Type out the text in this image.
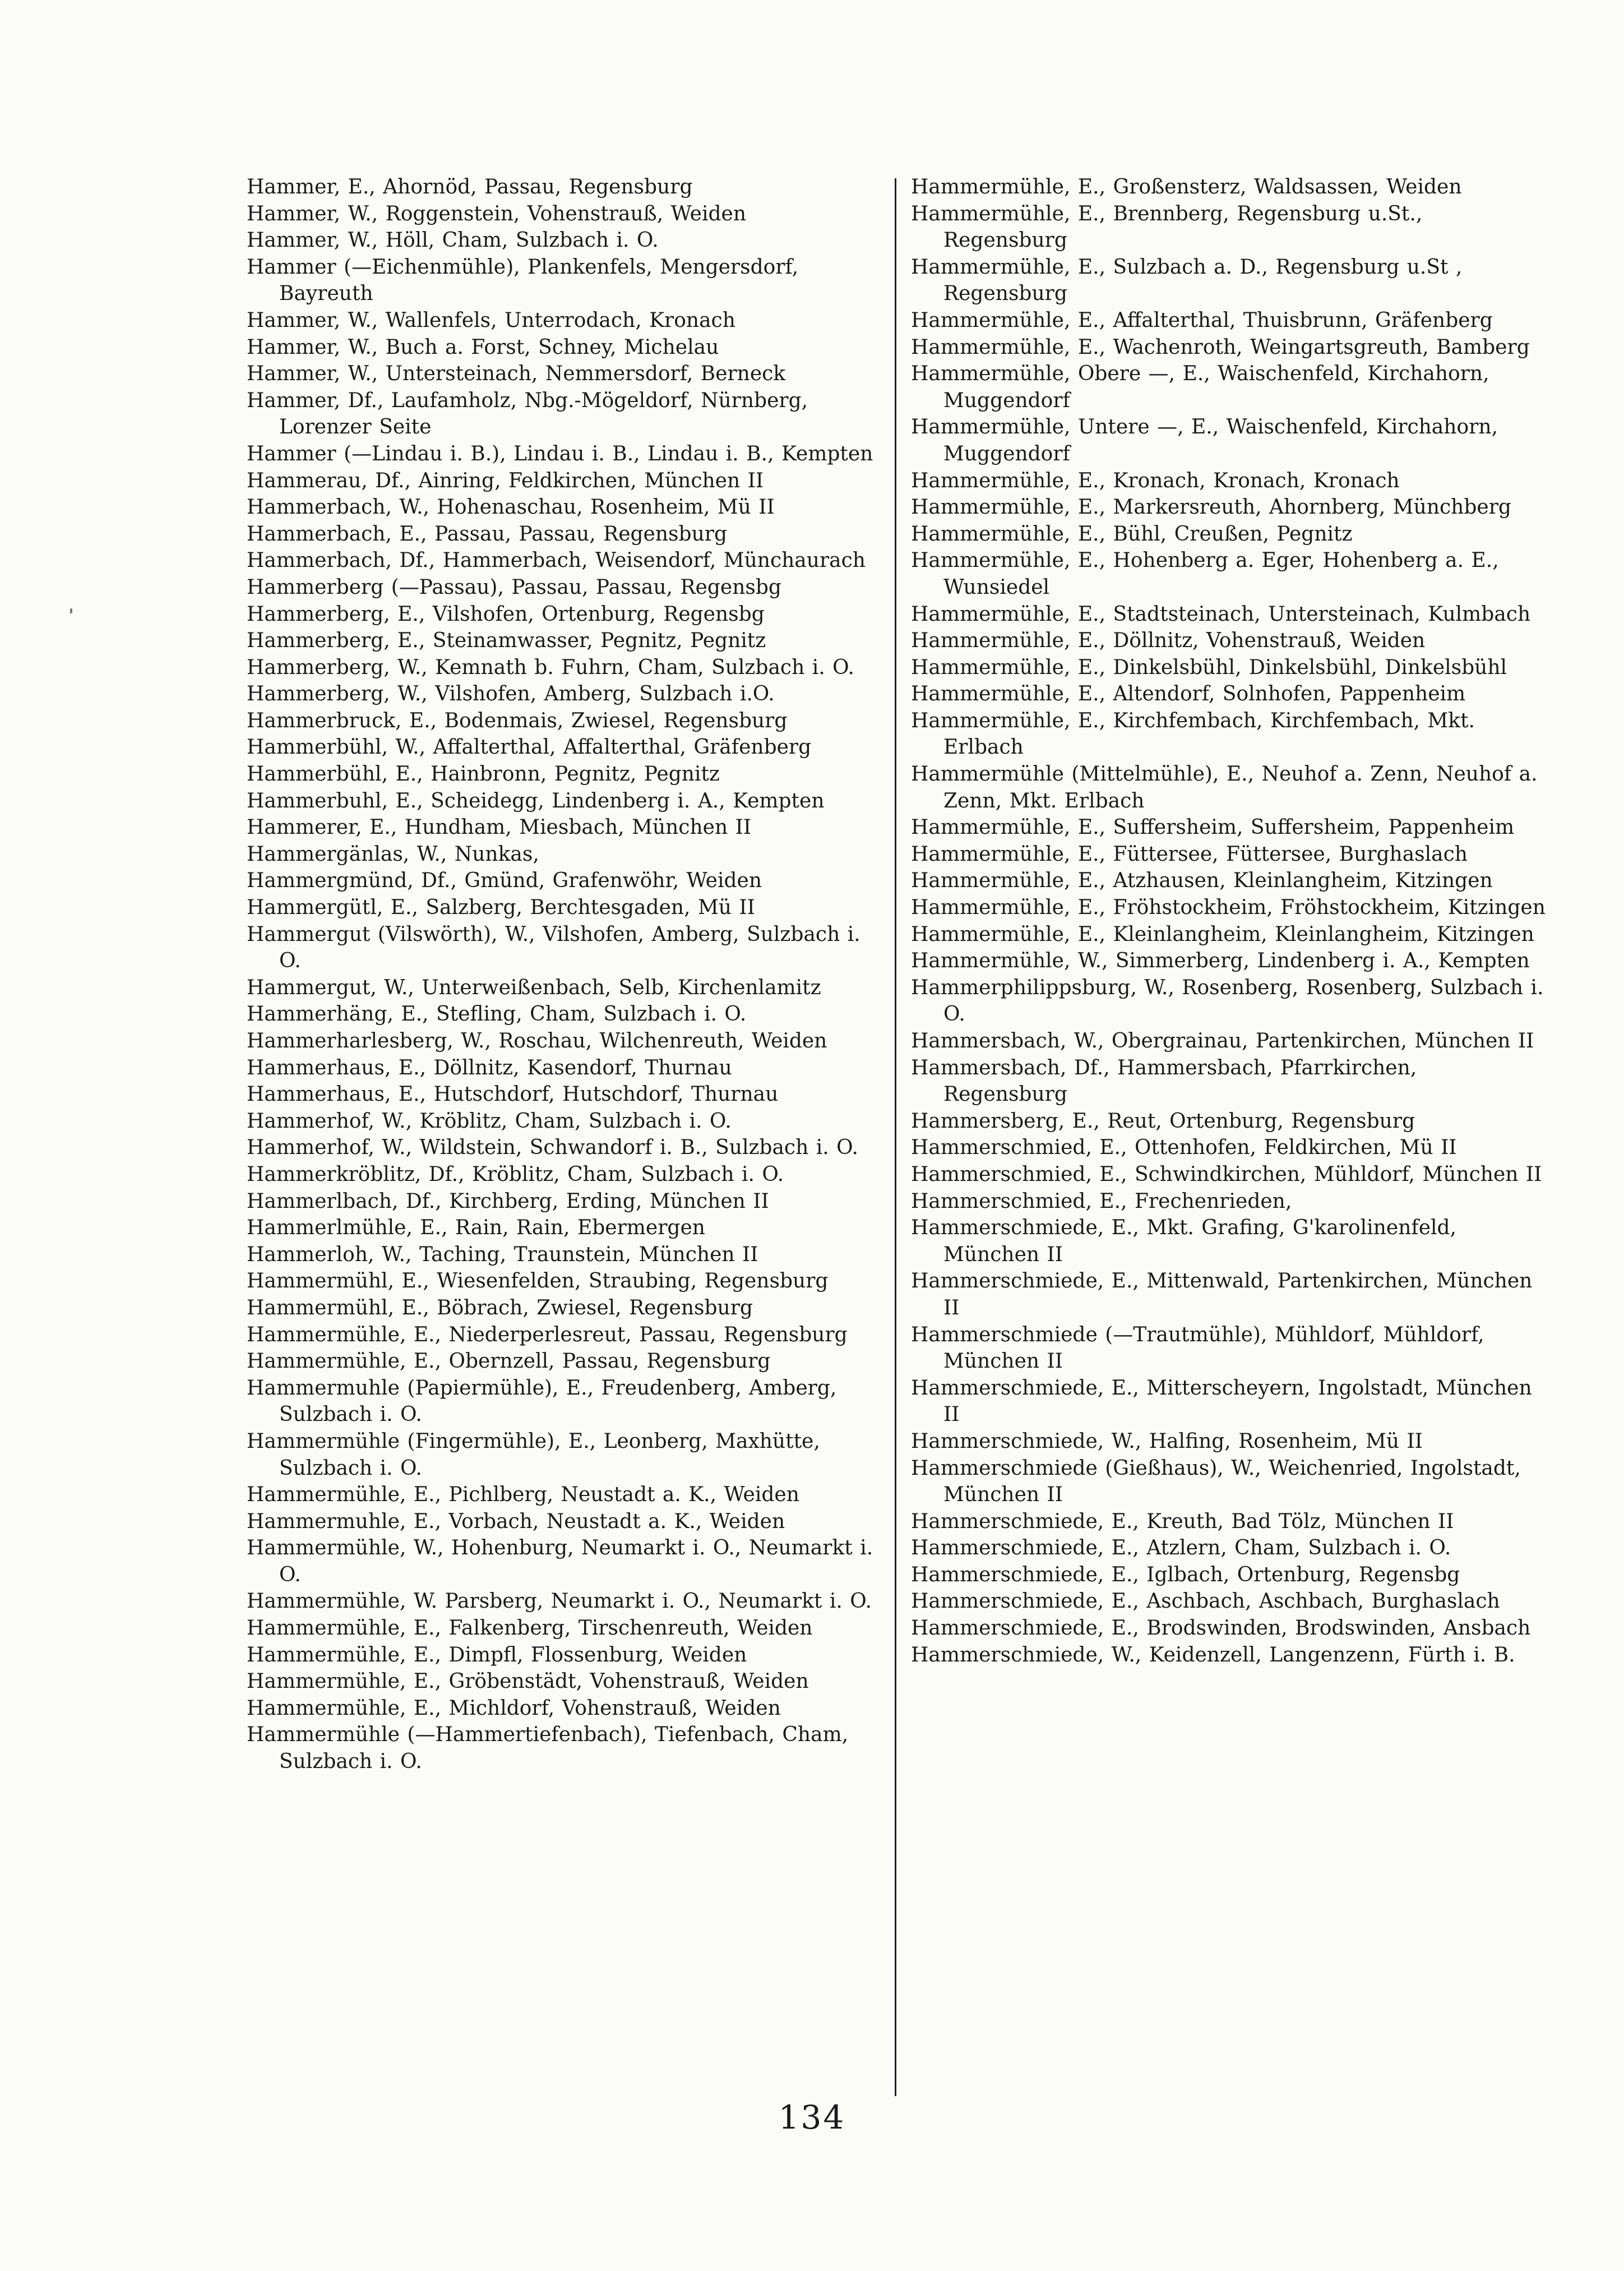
Hammer, E., Ahornöd, Passau, Regensburg
Hammer, W., Roggenstein, Vohenstrauß, Weiden
Hammer, W., Höll, Cham, Sulzbach i. O.
Hammer (—Eichenmühle), Plankenfels, Mengersdorf, Bayreuth
Hammer, W., Wallenfels, Unterrodach, Kronach
Hammer, W., Buch a. Forst, Schney, Michelau
Hammer, W., Untersteinach, Nemmersdorf, Berneck
Hammer, Df., Laufamholz, Nbg.-Mögeldorf, Nürnberg, Lorenzer Seite
Hammer (—Lindau i. B.), Lindau i. B., Lindau i. B., Kempten
Hammerau, Df., Ainring, Feldkirchen, München II
Hammerbach, W., Hohenaschau, Rosenheim, Mü II
Hammerbach, E., Passau, Passau, Regensburg
Hammerbach, Df., Hammerbach, Weisendorf, Münchaurach
Hammerberg (—Passau), Passau, Passau, Regensbg
Hammerberg, E., Vilshofen, Ortenburg, Regensbg
Hammerberg, E., Steinamwasser, Pegnitz, Pegnitz
Hammerberg, W., Kemnath b. Fuhrn, Cham, Sulzbach i. O.
Hammerberg, W., Vilshofen, Amberg, Sulzbach i.O.
Hammerbruck, E., Bodenmais, Zwiesel, Regensburg
Hammerbühl, W., Affalterthal, Affalterthal, Gräfenberg
Hammerbühl, E., Hainbronn, Pegnitz, Pegnitz
Hammerbuhl, E., Scheidegg, Lindenberg i. A., Kempten
Hammerer, E., Hundham, Miesbach, München II
Hammergänlas, W., Nunkas,
Hammergmünd, Df., Gmünd, Grafenwöhr, Weiden
Hammergütl, E., Salzberg, Berchtesgaden, Mü II
Hammergut (Vilswörth), W., Vilshofen, Amberg, Sulzbach i. O.
Hammergut, W., Unterweißenbach, Selb, Kirchenlamitz
Hammerhäng, E., Stefling, Cham, Sulzbach i. O.
Hammerharlesberg, W., Roschau, Wilchenreuth, Weiden
Hammerhaus, E., Döllnitz, Kasendorf, Thurnau
Hammerhaus, E., Hutschdorf, Hutschdorf, Thurnau
Hammerhof, W., Kröblitz, Cham, Sulzbach i. O.
Hammerhof, W., Wildstein, Schwandorf i. B., Sulzbach i. O.
Hammerkröblitz, Df., Kröblitz, Cham, Sulzbach i. O.
Hammerlbach, Df., Kirchberg, Erding, München II
Hammerlmühle, E., Rain, Rain, Ebermergen
Hammerloh, W., Taching, Traunstein, München II
Hammermühl, E., Wiesenfelden, Straubing, Regensburg
Hammermühl, E., Böbrach, Zwiesel, Regensburg
Hammermühle, E., Niederperlesreut, Passau, Regensburg
Hammermühle, E., Obernzell, Passau, Regensburg
Hammermuhle (Papiermühle), E., Freudenberg, Amberg, Sulzbach i. O.
Hammermühle (Fingermühle), E., Leonberg, Maxhütte, Sulzbach i. O.
Hammermühle, E., Pichlberg, Neustadt a. K., Weiden
Hammermuhle, E., Vorbach, Neustadt a. K., Weiden
Hammermühle, W., Hohenburg, Neumarkt i. O., Neumarkt i. O.
Hammermühle, W. Parsberg, Neumarkt i. O., Neumarkt i. O.
Hammermühle, E., Falkenberg, Tirschenreuth, Weiden
Hammermühle, E., Dimpfl, Flossenburg, Weiden
Hammermühle, E., Gröbenstädt, Vohenstrauß, Weiden
Hammermühle, E., Michldorf, Vohenstrauß, Weiden
Hammermühle (—Hammertiefenbach), Tiefenbach, Cham, Sulzbach i. O.
Hammermühle, E., Großensterz, Waldsassen, Weiden
Hammermühle, E., Brennberg, Regensburg u.St., Regensburg
Hammermühle, E., Sulzbach a. D., Regensburg u.St , Regensburg
Hammermühle, E., Affalterthal, Thuisbrunn, Gräfenberg
Hammermühle, E., Wachenroth, Weingartsgreuth, Bamberg
Hammermühle, Obere —, E., Waischenfeld, Kirchahorn, Muggendorf
Hammermühle, Untere —, E., Waischenfeld, Kirchahorn, Muggendorf
Hammermühle, E., Kronach, Kronach, Kronach
Hammermühle, E., Markersreuth, Ahornberg, Münchberg
Hammermühle, E., Bühl, Creußen, Pegnitz
Hammermühle, E., Hohenberg a. Eger, Hohenberg a. E., Wunsiedel
Hammermühle, E., Stadtsteinach, Untersteinach, Kulmbach
Hammermühle, E., Döllnitz, Vohenstrauß, Weiden
Hammermühle, E., Dinkelsbühl, Dinkelsbühl, Dinkelsbühl
Hammermühle, E., Altendorf, Solnhofen, Pappenheim
Hammermühle, E., Kirchfembach, Kirchfembach, Mkt. Erlbach
Hammermühle (Mittelmühle), E., Neuhof a. Zenn, Neuhof a. Zenn, Mkt. Erlbach
Hammermühle, E., Suffersheim, Suffersheim, Pappenheim
Hammermühle, E., Füttersee, Füttersee, Burghaslach
Hammermühle, E., Atzhausen, Kleinlangheim, Kitzingen
Hammermühle, E., Fröhstockheim, Fröhstockheim, Kitzingen
Hammermühle, E., Kleinlangheim, Kleinlangheim, Kitzingen
Hammermühle, W., Simmerberg, Lindenberg i. A., Kempten
Hammerphilippsburg, W., Rosenberg, Rosenberg, Sulzbach i. O.
Hammersbach, W., Obergrainau, Partenkirchen, München II
Hammersbach, Df., Hammersbach, Pfarrkirchen, Regensburg
Hammersberg, E., Reut, Ortenburg, Regensburg
Hammerschmied, E., Ottenhofen, Feldkirchen, Mü II
Hammerschmied, E., Schwindkirchen, Mühldorf, München II
Hammerschmied, E., Frechenrieden,
Hammerschmiede, E., Mkt. Grafing, G'karolinenfeld, München II
Hammerschmiede, E., Mittenwald, Partenkirchen, München II
Hammerschmiede (—Trautmühle), Mühldorf, Mühldorf, München II
Hammerschmiede, E., Mitterscheyern, Ingolstadt, München II
Hammerschmiede, W., Halfing, Rosenheim, Mü II
Hammerschmiede (Gießhaus), W., Weichenried, Ingolstadt, München II
Hammerschmiede, E., Kreuth, Bad Tölz, München II
Hammerschmiede, E., Atzlern, Cham, Sulzbach i. O.
Hammerschmiede, E., Iglbach, Ortenburg, Regensbg
Hammerschmiede, E., Aschbach, Aschbach, Burghaslach
Hammerschmiede, E., Brodswinden, Brodswinden, Ansbach
Hammerschmiede, W., Keidenzell, Langenzenn, Fürth i. B.
134
